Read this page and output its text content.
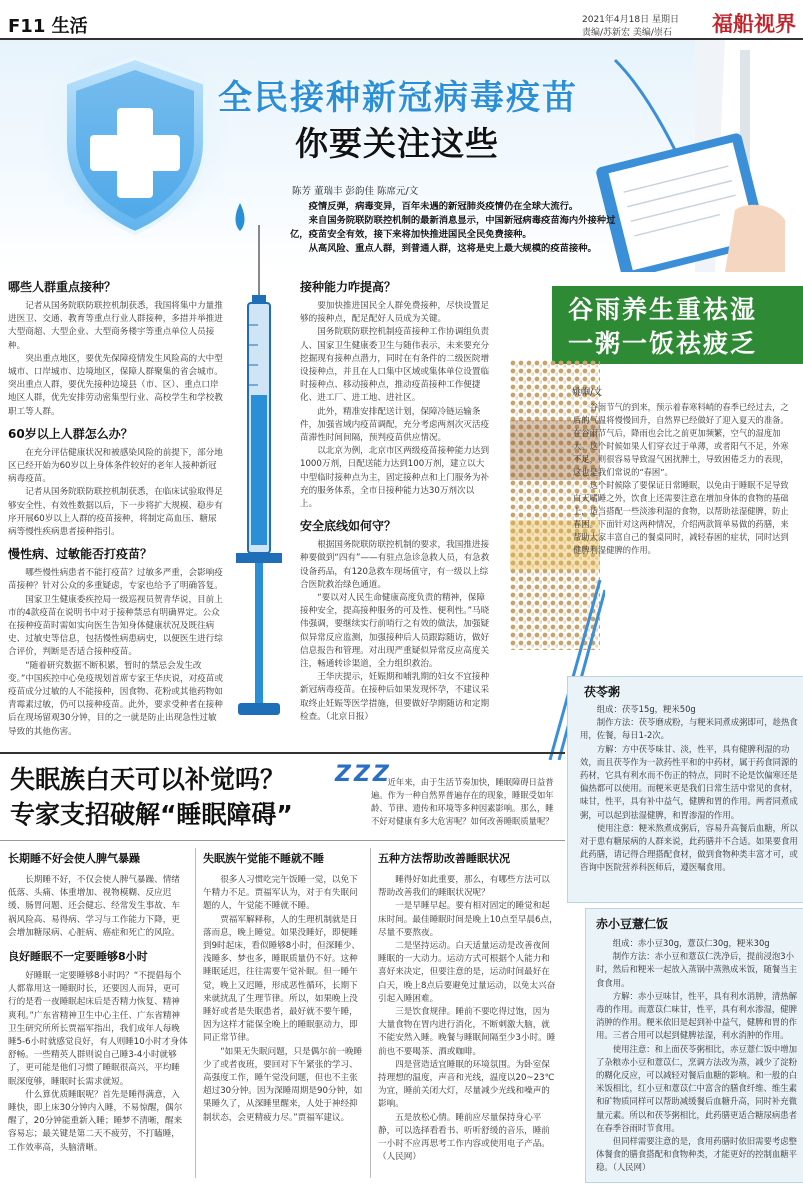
F11 生活	2021年4月18日 星期日
责编/苏新宏 美编/崇石	福船视界
全民接种新冠病毒疫苗
你要关注这些
陈芳 董瑞丰 彭韵佳 陈席元/文
疫情反弹，病毒变异，百年未遇的新冠肺炎疫情仍在全球大流行。
来自国务院联防联控机制的最新消息显示，中国新冠病毒疫苗海内外接种过亿，疫苗安全有效，接下来将加快推进国民全民免费接种。
从高风险、重点人群，到普通人群，这将是史上最大规模的疫苗接种。
哪些人群重点接种？

记者从国务院联防联控机制获悉，我国将集中力量推进医卫、交通、教育等重点行业人群接种，多措并举推进大型商超、大型企业、大型商务楼宇等重点单位人员接种。

突出重点地区，要优先保障疫情发生风险高的大中型城市、口岸城市、边境地区，保障人群聚集的省会城市。突出重点人群，要优先接种边境县（市、区）、重点口岸地区人群，优先安排劳动密集型行业、高校学生和学校教职工等人群。

60岁以上人群怎么办？

在充分评估健康状况和被感染风险的前提下，部分地区已经开始为60岁以上身体条件较好的老年人接种新冠病毒疫苗。

记者从国务院联防联控机制获悉，在临床试验取得足够安全性、有效性数据以后，下一步将扩大规模、稳步有序开展60岁以上人群的疫苗接种，将制定高血压、糖尿病等慢性疾病患者接种指引。

慢性病、过敏能否打疫苗？

哪些慢性病患者不能打疫苗？过敏多严重，会影响疫苗接种？针对公众的多重疑虑，专家也给予了明确答复。

国家卫生健康委疾控局一级巡视员贺青华说，目前上市的4款疫苗在说明书中对于接种禁忌有明确界定。公众在接种疫苗时需如实向医生告知身体健康状况及既往病史、过敏史等信息，包括慢性病患病史，以便医生进行综合评价，判断是否适合接种疫苗。

“随着研究数据不断积累，暂时的禁忌会发生改变。”中国疾控中心免疫规划首席专家王华庆说，对疫苗或疫苗成分过敏的人不能接种，因食物、花粉或其他药物如青霉素过敏，仍可以接种疫苗。此外，要求受种者在接种后在现场留观30分钟，目的之一就是防止出现急性过敏导致的其他伤害。

接种能力咋提高？

要加快推进国民全人群免费接种，尽快设置足够的接种点，配足配好人员成为关键。

国务院联防联控机制疫苗接种工作协调组负责人、国家卫生健康委卫生与随伟表示，未来要充分挖掘现有接种点潜力，同时在有条件的二级医院增设接种点，并且在人口集中区域或集体单位设置临时接种点、移动接种点，推动疫苗接种工作便捷化、进工厂、进工地、进社区。

此外，精准安排配送计划，保障冷链运输条件，加强省域内疫苗调配，充分考虑两剂次灭活疫苗滞性时间间隔，预判疫苗供应情况。

以北京为例，北京市区两级疫苗接种能力达到1000万剂，日配送能力达到100万剂，建立以大中型临时接种点为主，固定接种点和上门服务为补充的服务体系，全市日接种能力达30万剂次以上。

安全底线如何守？

根据国务院联防联控机制的要求，我国推进接种要做到“四有”——有驻点急诊急救人员，有急救设备药品，有120急救车现场值守，有一级以上综合医院救治绿色通道。

“要以对人民生命健康高度负责的精神，保障接种安全，提高接种服务的可及性、便利性。”马晓伟强调，要继续实行前哨行之有效的做法，加强疑似异常反应监测，加强接种后人员跟踪随访，做好信息报告和管理。对出现严重疑似异常反应高度关注，畅通转诊渠道，全力组织救治。

王华庆提示，妊娠期和哺乳期的妇女不宜接种新冠病毒疫苗。在接种后如果发现怀孕，不建议采取终止妊娠等医学措施，但要做好孕期随访和定期检查。（北京日报）

谷雨养生重祛湿
一粥一饭祛疲乏
姚帼/文

谷雨节气的到来，预示着春寒料峭的春季已经过去，之后的气温将慢慢回升，自然界已经做好了迎入夏天的准备。在谷雨节气后，降雨也会比之前更加频繁，空气的湿度加大。这个时候如果人们穿衣过于单薄，或者阳气不足，外寒不足，则很容易导致湿气困扰脾土，导致困倦乏力的表现，这也是我们常说的“春困”。

这个时候除了要保证日常睡眠，以免由于睡眠不足导致白天嗜睡之外，饮食上还需要注意在增加身体的食物的基础上，适当搭配一些淡渗利湿的食物，以帮助祛湿健脾，防止春困。下面针对这两种情况，介绍两款简单易做的药膳，来帮助大家丰富自己的餐桌同时，减轻春困的症状，同时达到健脾利湿健脾的作用。

茯苓粥

组成：茯苓15g，粳米50g

制作方法：茯苓磨成粉，与粳米同煮成粥即可，趁热食用，佐餐，每日1-2次。

方解：方中茯苓味甘、淡，性平，具有健脾利湿的功效，而且茯苓作为一款药性平和的中药材，属于药食同源的药材，它具有利水而不伤正的特点，同时不论是饮偏寒还是偏热都可以使用。而粳米更是我们日常生活中常见的食材，味甘，性平，具有补中益气，健脾和胃的作用。两者同煮成粥，可以起到祛湿健脾，和胃渗湿的作用。

使用注意：粳米熬煮成粥后，容易升高餐后血糖，所以对于患有糖尿病的人群来说，此药膳并不合适。如果要食用此药膳，请记得合理搭配食材，做到食物种类丰富才可，或咨询中医院营养科医师后，遵医嘱食用。

赤小豆薏仁饭

组成：赤小豆30g，薏苡仁30g，粳米30g

制作方法：赤小豆和薏苡仁洗净后，提前浸泡3小时，然后和粳米一起放入蒸锅中蒸熟成米饭，随餐当主食食用。

方解：赤小豆味甘，性平，具有利水消肿，清热解毒的作用。而薏苡仁味甘，性平，具有利水渗湿，健脾消肿的作用。粳米依旧是起到补中益气，健脾和胃的作用。三者合用可以起到健脾祛湿，利水消肿的作用。

使用注意：和上面茯苓粥相比，赤豆薏仁饭中增加了杂粮赤小豆和薏苡仁，烹调方法改为蒸，减少了淀粉的糊化反应，可以减轻对餐后血糖的影响。和一般的白米饭相比，红小豆和薏苡仁中富含的膳食纤维、维生素和矿物质同样可以帮助减缓餐后血糖升高，同时补充微量元素。所以和茯苓粥相比，此药膳更适合糖尿病患者在春季谷雨时节食用。

但同样需要注意的是，食用药膳时依旧需要考虑整体餐食的膳食搭配和食物种类，才能更好的控制血糖平稳。（人民网）

失眠族白天可以补觉吗？
专家支招破解“睡眠障碍”
ZZZ

近年来，由于生活节奏加快，睡眠障碍日益普遍。作为一种自然界普遍存在的现象，睡眠受如年龄、节律、遗传和环境等多种因素影响。那么，睡不好对健康有多大危害呢？如何改善睡眠质量呢？

长期睡不好会使人脾气暴躁

长期睡不好，不仅会使人脾气暴躁、情绪低落、头痛、体重增加、视物模糊、反应迟缓、肠胃问题、还会健忘、经常发生事故、车祸风险高、易得病、学习与工作能力下降，更会增加糖尿病、心脏病、癌症和死亡的风险。

良好睡眠不一定要睡够8小时

好睡眠一定要睡够8小时吗？“不提倡每个人都靠用这一睡眠时长，还要因人而异，更可行的是看一夜睡眠起床后是否精力恢复、精神爽利。”广东省精神卫生中心主任、广东省精神卫生研究所所长贾福军指出，我们成年人每晚睡5-6小时就感觉良好，有人则睡10小时才身体舒畅。一些精英人群则说自己睡3-4小时就够了，更可能是他们习惯了睡眠很高兴，平均睡眠深度够，睡眠时长需求就短。

什么算优质睡眠呢？首先是睡得满意，入睡快，即上床30分钟内入睡，不易惊醒，偶尔醒了，20分钟能重新入睡；睡梦不清晰，醒来容易忘；最关键是第二天不疲劳，不打瞌睡，工作效率高，头脑清晰。

失眠族午觉能不睡就不睡

很多人习惯吃完午饭睡一觉，以免下午精力不足。贾福军认为，对于有失眠问题的人，午觉能不睡就不睡。

贾福军解释称，人的生理机制就是日落而息，晚上睡觉。如果没睡好，即便睡到9时起床，看似睡够8小时，但深睡少、浅睡多、梦也多，睡眠质量仍不好。这种睡眠延迟，往往需要午觉补眠。但一睡午觉，晚上又迟睡，形成恶性循环，长期下来就扰乱了生理节律。所以，如果晚上没睡好或者是失眠患者，最好就不要午睡，因为这样才能保全晚上的睡眠驱动力，即同正常节律。

“如果无失眠问题，只是偶尔前一晚睡少了或者夜班，要回对下午紧张的学习、高强度工作，睡午觉没问题，但也不主张超过30分钟。因为深睡周期是90分钟，如果睡久了，从深睡里醒来，人处于神经抑制状态，会更精疲力尽。”贾福军建议。

五种方法帮助改善睡眠状况

睡得好如此重要，那么，有哪些方法可以帮助改善我们的睡眠状况呢？

一是早睡早起。要有相对固定的睡觉和起床时间。最佳睡眠时间是晚上10点至早晨6点，尽量不要熬夜。

二是坚持运动。白天适量运动是改善夜间睡眠的一大动力。运动方式可根据个人能力和喜好来决定，但要注意的是，运动时间最好在白天，晚上8点后要避免过量运动，以免太兴奋引起入睡困难。

三是饮食规律。睡前不要吃得过饱，因为大量食物在胃内进行消化，不断刺激大脑，就不能安然入睡。晚餐与睡眠间隔至少3小时。睡前也不要喝茶、酒或咖啡。

四是营造适宜睡眠的环境氛围。为卧室保持理想的温度，声音和光线，温度以20~23℃为宜，睡前关闭大灯，尽量减少光线和噪声的影响。

五是放松心情。睡前应尽量保持身心平静，可以选择看看书、听听舒缓的音乐，睡前一小时不应再思考工作内容或使用电子产品。（人民网）
